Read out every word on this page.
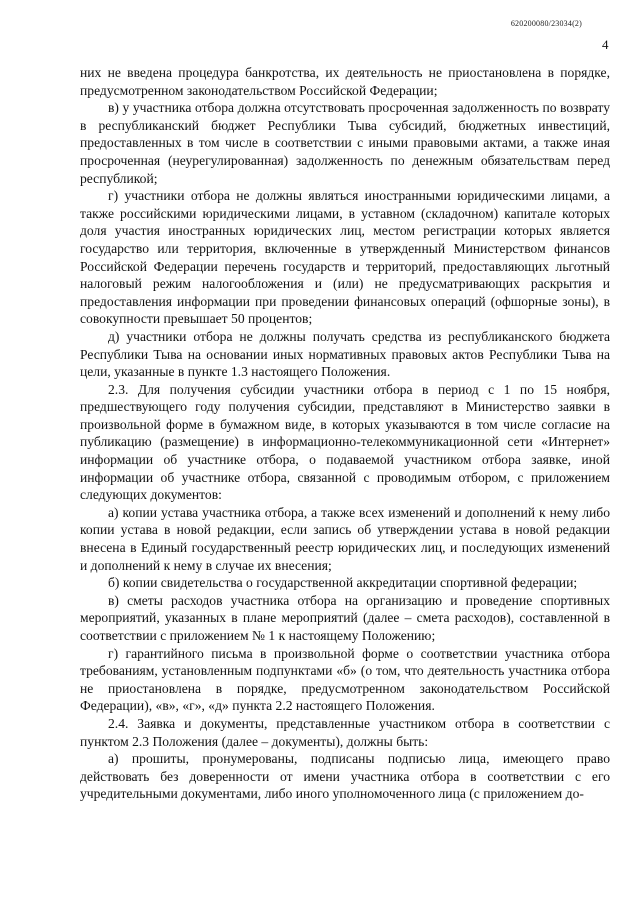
620200080/23034(2)
4

них не введена процедура банкротства, их деятельность не приостановлена в порядке, предусмотренном законодательством Российской Федерации;

в) у участника отбора должна отсутствовать просроченная задолженность по возврату в республиканский бюджет Республики Тыва субсидий, бюджетных инвестиций, предоставленных в том числе в соответствии с иными правовыми актами, а также иная просроченная (неурегулированная) задолженность по денежным обязательствам перед республикой;

г) участники отбора не должны являться иностранными юридическими лицами, а также российскими юридическими лицами, в уставном (складочном) капитале которых доля участия иностранных юридических лиц, местом регистрации которых является государство или территория, включенные в утвержденный Министерством финансов Российской Федерации перечень государств и территорий, предоставляющих льготный налоговый режим налогообложения и (или) не предусматривающих раскрытия и предоставления информации при проведении финансовых операций (офшорные зоны), в совокупности превышает 50 процентов;

д) участники отбора не должны получать средства из республиканского бюджета Республики Тыва на основании иных нормативных правовых актов Республики Тыва на цели, указанные в пункте 1.3 настоящего Положения.

2.3. Для получения субсидии участники отбора в период с 1 по 15 ноября, предшествующего году получения субсидии, представляют в Министерство заявки в произвольной форме в бумажном виде, в которых указываются в том числе согласие на публикацию (размещение) в информационно-телекоммуникационной сети «Интернет» информации об участнике отбора, о подаваемой участником отбора заявке, иной информации об участнике отбора, связанной с проводимым отбором, с приложением следующих документов:

а) копии устава участника отбора, а также всех изменений и дополнений к нему либо копии устава в новой редакции, если запись об утверждении устава в новой редакции внесена в Единый государственный реестр юридических лиц, и последующих изменений и дополнений к нему в случае их внесения;

б) копии свидетельства о государственной аккредитации спортивной федерации;

в) сметы расходов участника отбора на организацию и проведение спортивных мероприятий, указанных в плане мероприятий (далее – смета расходов), составленной в соответствии с приложением № 1 к настоящему Положению;

г) гарантийного письма в произвольной форме о соответствии участника отбора требованиям, установленным подпунктами «б» (о том, что деятельность участника отбора не приостановлена в порядке, предусмотренном законодательством Российской Федерации), «в», «г», «д» пункта 2.2 настоящего Положения.

2.4. Заявка и документы, представленные участником отбора в соответствии с пунктом 2.3 Положения (далее – документы), должны быть:

а) прошиты, пронумерованы, подписаны подписью лица, имеющего право действовать без доверенности от имени участника отбора в соответствии с его учредительными документами, либо иного уполномоченного лица (с приложением до-
